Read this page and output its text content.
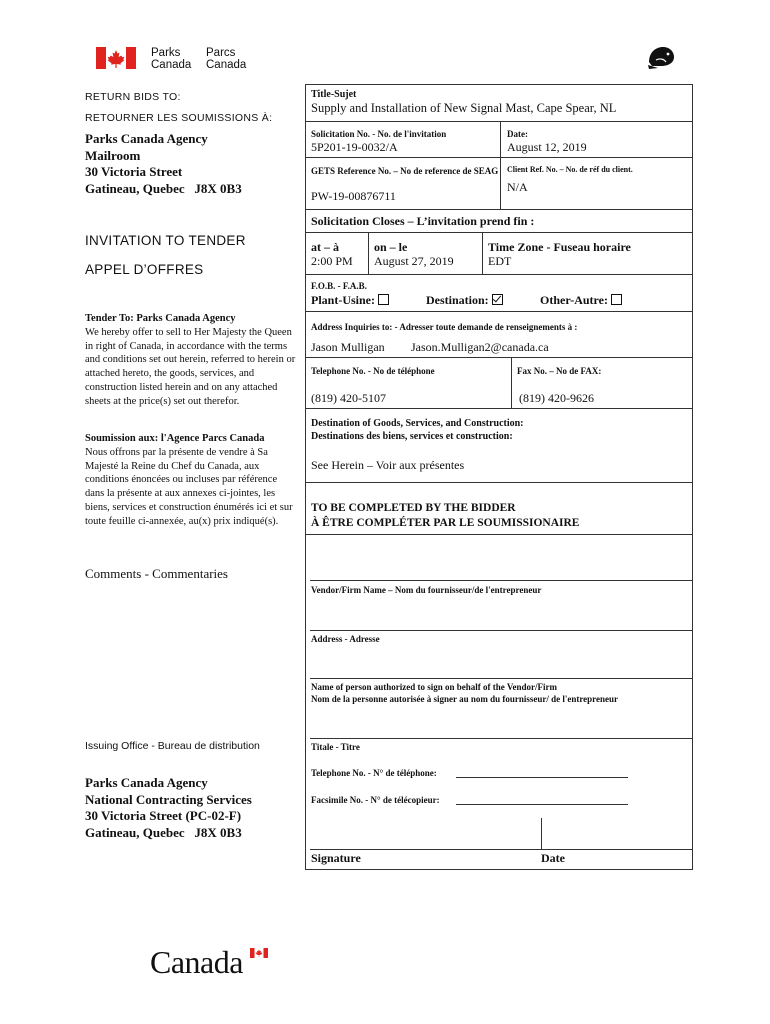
Parks
Canada
Parcs
Canada
RETURN BIDS TO:
RETOURNER LES SOUMISSIONS À:
Parks Canada Agency
Mailroom
30 Victoria Street
Gatineau, Quebec   J8X 0B3
INVITATION TO TENDER
APPEL D’OFFRES
Tender To: Parks Canada Agency
We hereby offer to sell to Her Majesty the Queen in right of Canada, in accordance with the terms and conditions set out herein, referred to herein or attached hereto, the goods, services, and construction listed herein and on any attached sheets at the price(s) set out therefor.
Soumission aux: l'Agence Parcs Canada
Nous offrons par la présente de vendre à Sa Majesté la Reine du Chef du Canada, aux conditions énoncées ou incluses par référence dans la présente at aux annexes ci-jointes, les biens, services et construction énumérés ici et sur toute feuille ci-annexée, au(x) prix indiqué(s).
Comments - Commentaries
Issuing Office - Bureau de distribution
Parks Canada Agency
National Contracting Services
30 Victoria Street (PC-02-F)
Gatineau, Quebec   J8X 0B3
Title-Sujet
Supply and Installation of New Signal Mast, Cape Spear, NL
Solicitation No. - No. de l'invitation
5P201-19-0032/A
Date:
August 12, 2019
GETS Reference No. – No de reference de SEAG
PW-19-00876711
Client Ref. No. – No. de réf du client.
N/A
Solicitation Closes – L’invitation prend fin :
at – à
2:00 PM
on – le
August 27, 2019
Time Zone - Fuseau horaire
EDT
F.O.B. - F.A.B.
Plant-Usine:	Destination:	Other-Autre:
Address Inquiries to: - Adresser toute demande de renseignements à :
Jason Mulligan Jason.Mulligan2@canada.ca
Telephone No. - No de téléphone
(819) 420-5107
Fax No. – No de FAX:
(819) 420-9626
Destination of Goods, Services, and Construction:
Destinations des biens, services et construction:
See Herein – Voir aux présentes
TO BE COMPLETED BY THE BIDDER
À ÊTRE COMPLÉTER PAR LE SOUMISSIONAIRE
Vendor/Firm Name – Nom du fournisseur/de l'entrepreneur
Address - Adresse
Name of person authorized to sign on behalf of the Vendor/Firm
Nom de la personne autorisée à signer au nom du fournisseur/ de l'entrepreneur
Titale - Titre
Telephone No. - N° de téléphone:
Facsimile No. - N° de télécopieur:
Signature	Date
Canada
